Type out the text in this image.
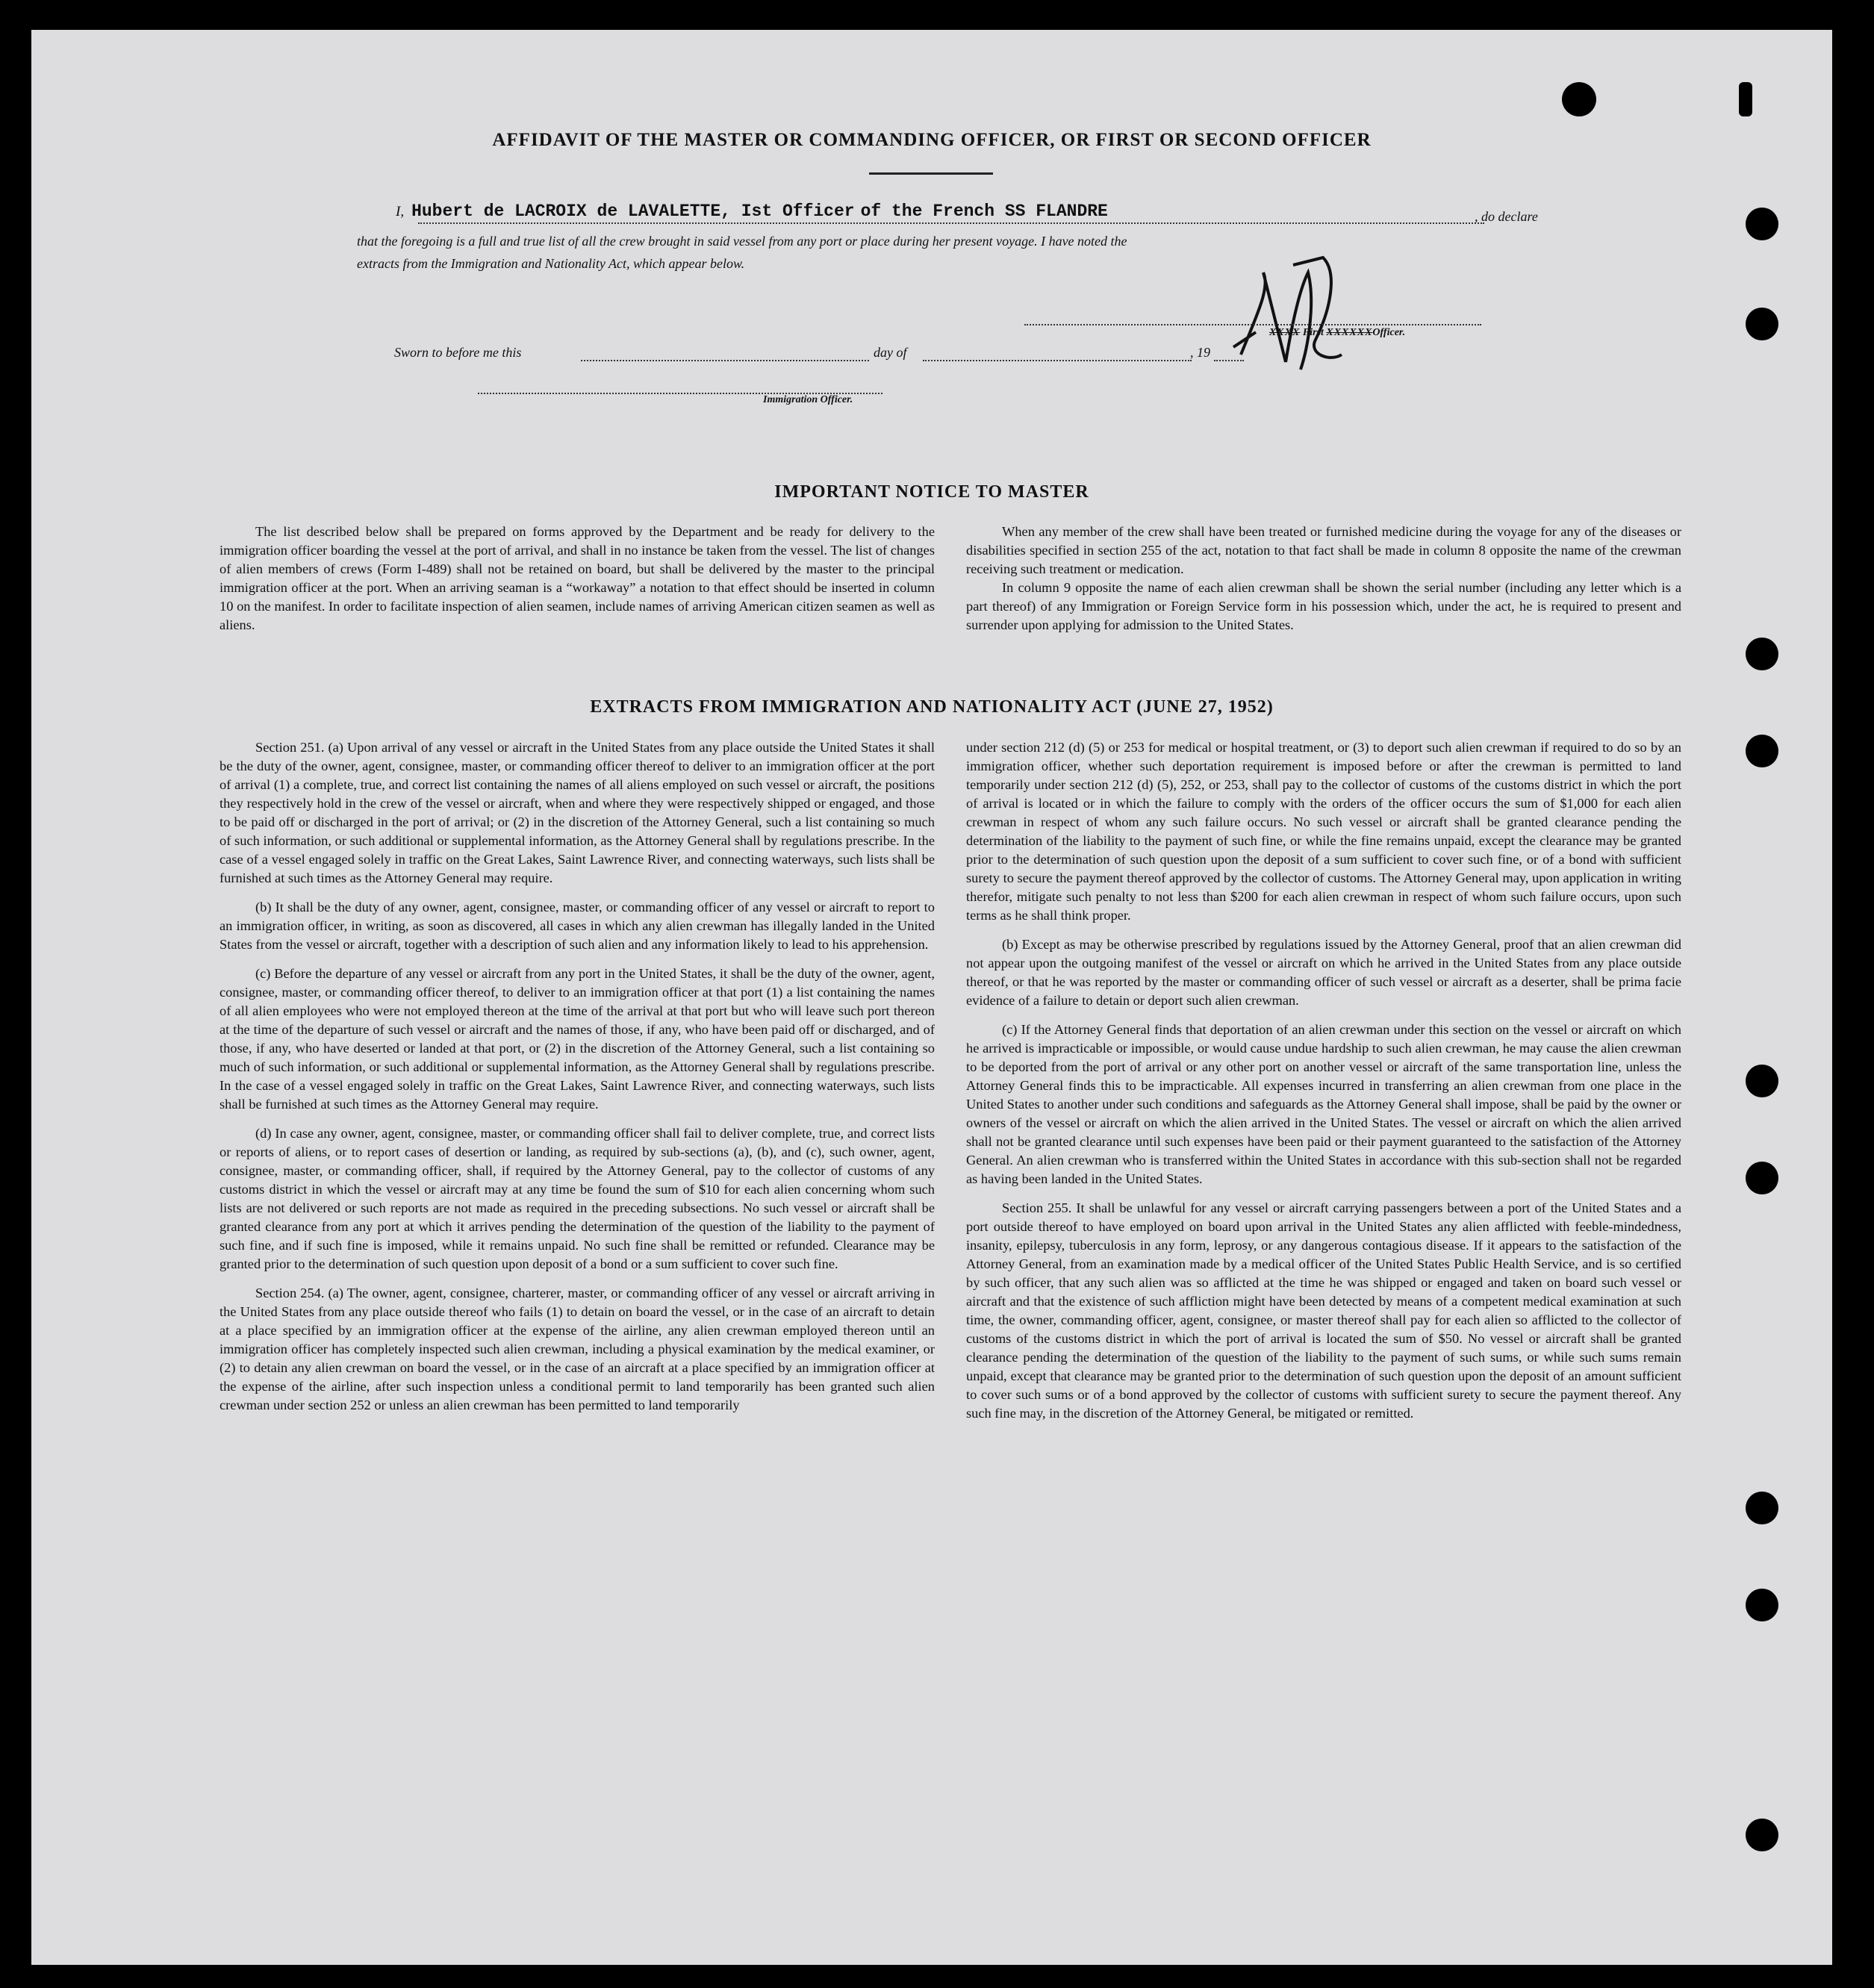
AFFIDAVIT OF THE MASTER OR COMMANDING OFFICER, OR FIRST OR SECOND OFFICER
I, Hubert de LACROIX de LAVALETTE, Ist Officer of the French SS FLANDRE	, do declare
that the foregoing is a full and true list of all the crew brought in said vessel from any port or place during her present voyage. I have noted the
extracts from the Immigration and Nationality Act, which appear below.
XXXX First XXXXXXOfficer.
Sworn to before me this	day of	, 19
Immigration Officer.
IMPORTANT NOTICE TO MASTER

The list described below shall be prepared on forms approved by the Department and be ready for delivery to the immigration officer boarding the vessel at the port of arrival, and shall in no instance be taken from the vessel. The list of changes of alien members of crews (Form I-489) shall not be retained on board, but shall be delivered by the master to the principal immigration officer at the port. When an arriving seaman is a “workaway” a notation to that effect should be inserted in column 10 on the manifest. In order to facilitate inspection of alien seamen, include names of arriving American citizen seamen as well as aliens.

When any member of the crew shall have been treated or furnished medicine during the voyage for any of the diseases or disabilities specified in section 255 of the act, notation to that fact shall be made in column 8 opposite the name of the crewman receiving such treatment or medication.

In column 9 opposite the name of each alien crewman shall be shown the serial number (including any letter which is a part thereof) of any Immigration or Foreign Service form in his possession which, under the act, he is required to present and surrender upon applying for admission to the United States.

EXTRACTS FROM IMMIGRATION AND NATIONALITY ACT (JUNE 27, 1952)

Section 251. (a) Upon arrival of any vessel or aircraft in the United States from any place outside the United States it shall be the duty of the owner, agent, consignee, master, or commanding officer thereof to deliver to an immigration officer at the port of arrival (1) a complete, true, and correct list containing the names of all aliens employed on such vessel or aircraft, the positions they respectively hold in the crew of the vessel or aircraft, when and where they were respectively shipped or engaged, and those to be paid off or discharged in the port of arrival; or (2) in the discretion of the Attorney General, such a list containing so much of such information, or such additional or supplemental information, as the Attorney General shall by regulations prescribe. In the case of a vessel engaged solely in traffic on the Great Lakes, Saint Lawrence River, and connecting waterways, such lists shall be furnished at such times as the Attorney General may require.

(b) It shall be the duty of any owner, agent, consignee, master, or commanding officer of any vessel or aircraft to report to an immigration officer, in writing, as soon as discovered, all cases in which any alien crewman has illegally landed in the United States from the vessel or aircraft, together with a description of such alien and any information likely to lead to his apprehension.

(c) Before the departure of any vessel or aircraft from any port in the United States, it shall be the duty of the owner, agent, consignee, master, or commanding officer thereof, to deliver to an immigration officer at that port (1) a list containing the names of all alien employees who were not employed thereon at the time of the arrival at that port but who will leave such port thereon at the time of the departure of such vessel or aircraft and the names of those, if any, who have been paid off or discharged, and of those, if any, who have deserted or landed at that port, or (2) in the discretion of the Attorney General, such a list containing so much of such information, or such additional or supplemental information, as the Attorney General shall by regulations prescribe. In the case of a vessel engaged solely in traffic on the Great Lakes, Saint Lawrence River, and connecting waterways, such lists shall be furnished at such times as the Attorney General may require.

(d) In case any owner, agent, consignee, master, or commanding officer shall fail to deliver complete, true, and correct lists or reports of aliens, or to report cases of desertion or landing, as required by sub-sections (a), (b), and (c), such owner, agent, consignee, master, or commanding officer, shall, if required by the Attorney General, pay to the collector of customs of any customs district in which the vessel or aircraft may at any time be found the sum of $10 for each alien concerning whom such lists are not delivered or such reports are not made as required in the preceding subsections. No such vessel or aircraft shall be granted clearance from any port at which it arrives pending the determination of the question of the liability to the payment of such fine, and if such fine is imposed, while it remains unpaid. No such fine shall be remitted or refunded. Clearance may be granted prior to the determination of such question upon deposit of a bond or a sum sufficient to cover such fine.

Section 254. (a) The owner, agent, consignee, charterer, master, or commanding officer of any vessel or aircraft arriving in the United States from any place outside thereof who fails (1) to detain on board the vessel, or in the case of an aircraft to detain at a place specified by an immigration officer at the expense of the airline, any alien crewman employed thereon until an immigration officer has completely inspected such alien crewman, including a physical examination by the medical examiner, or (2) to detain any alien crewman on board the vessel, or in the case of an aircraft at a place specified by an immigration officer at the expense of the airline, after such inspection unless a conditional permit to land temporarily has been granted such alien crewman under section 252 or unless an alien crewman has been permitted to land temporarily

under section 212 (d) (5) or 253 for medical or hospital treatment, or (3) to deport such alien crewman if required to do so by an immigration officer, whether such deportation requirement is imposed before or after the crewman is permitted to land temporarily under section 212 (d) (5), 252, or 253, shall pay to the collector of customs of the customs district in which the port of arrival is located or in which the failure to comply with the orders of the officer occurs the sum of $1,000 for each alien crewman in respect of whom any such failure occurs. No such vessel or aircraft shall be granted clearance pending the determination of the liability to the payment of such fine, or while the fine remains unpaid, except the clearance may be granted prior to the determination of such question upon the deposit of a sum sufficient to cover such fine, or of a bond with sufficient surety to secure the payment thereof approved by the collector of customs. The Attorney General may, upon application in writing therefor, mitigate such penalty to not less than $200 for each alien crewman in respect of whom such failure occurs, upon such terms as he shall think proper.

(b) Except as may be otherwise prescribed by regulations issued by the Attorney General, proof that an alien crewman did not appear upon the outgoing manifest of the vessel or aircraft on which he arrived in the United States from any place outside thereof, or that he was reported by the master or commanding officer of such vessel or aircraft as a deserter, shall be prima facie evidence of a failure to detain or deport such alien crewman.

(c) If the Attorney General finds that deportation of an alien crewman under this section on the vessel or aircraft on which he arrived is impracticable or impossible, or would cause undue hardship to such alien crewman, he may cause the alien crewman to be deported from the port of arrival or any other port on another vessel or aircraft of the same transportation line, unless the Attorney General finds this to be impracticable. All expenses incurred in transferring an alien crewman from one place in the United States to another under such conditions and safeguards as the Attorney General shall impose, shall be paid by the owner or owners of the vessel or aircraft on which the alien arrived in the United States. The vessel or aircraft on which the alien arrived shall not be granted clearance until such expenses have been paid or their payment guaranteed to the satisfaction of the Attorney General. An alien crewman who is transferred within the United States in accordance with this sub-section shall not be regarded as having been landed in the United States.

Section 255. It shall be unlawful for any vessel or aircraft carrying passengers between a port of the United States and a port outside thereof to have employed on board upon arrival in the United States any alien afflicted with feeble-mindedness, insanity, epilepsy, tuberculosis in any form, leprosy, or any dangerous contagious disease. If it appears to the satisfaction of the Attorney General, from an examination made by a medical officer of the United States Public Health Service, and is so certified by such officer, that any such alien was so afflicted at the time he was shipped or engaged and taken on board such vessel or aircraft and that the existence of such affliction might have been detected by means of a competent medical examination at such time, the owner, commanding officer, agent, consignee, or master thereof shall pay for each alien so afflicted to the collector of customs of the customs district in which the port of arrival is located the sum of $50. No vessel or aircraft shall be granted clearance pending the determination of the question of the liability to the payment of such sums, or while such sums remain unpaid, except that clearance may be granted prior to the determination of such question upon the deposit of an amount sufficient to cover such sums or of a bond approved by the collector of customs with sufficient surety to secure the payment thereof. Any such fine may, in the discretion of the Attorney General, be mitigated or remitted.
